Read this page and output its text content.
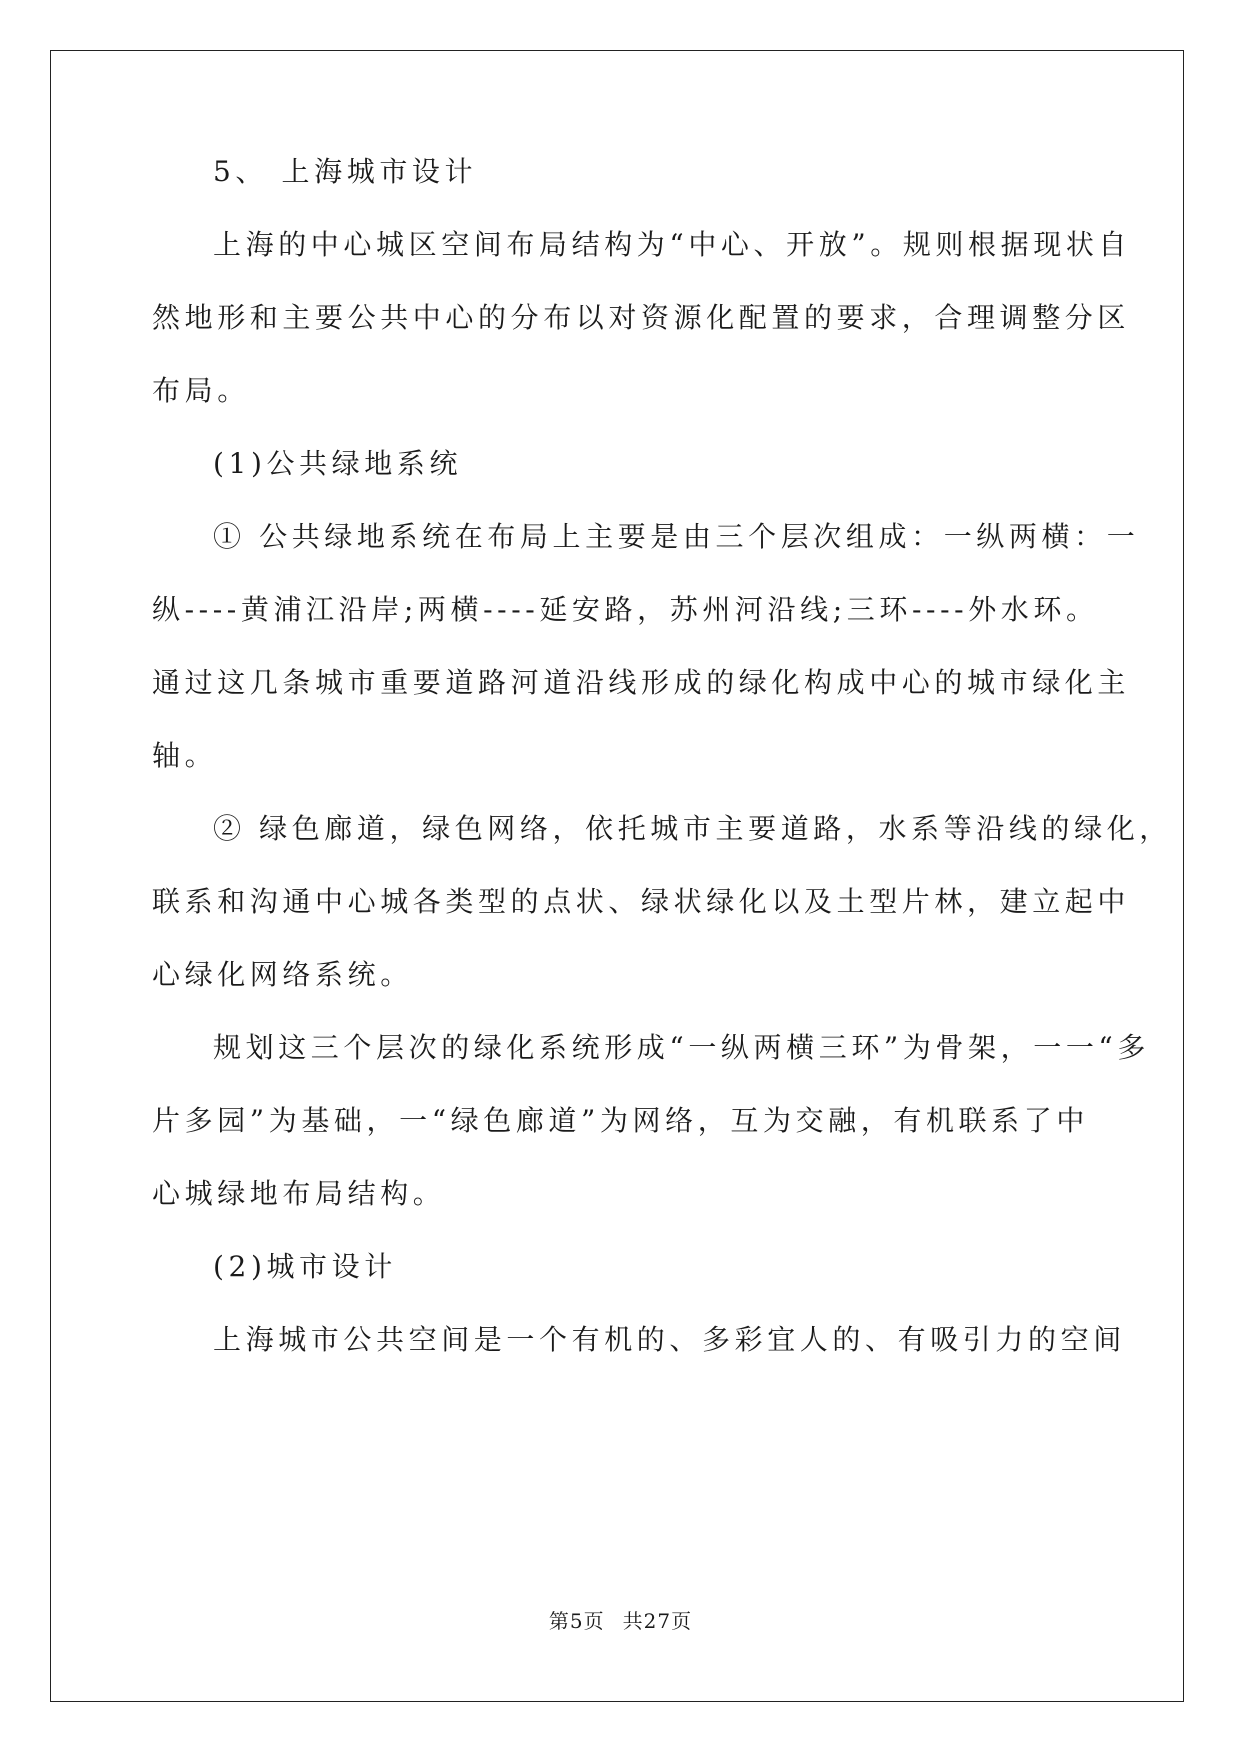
5、 上海城市设计
上海的中心城区空间布局结构为“中心、开放”。规则根据现状自
然地形和主要公共中心的分布以对资源化配置的要求，合理调整分区
布局。
(1)公共绿地系统
① 公共绿地系统在布局上主要是由三个层次组成：一纵两横：一
纵----黄浦江沿岸;两横----延安路，苏州河沿线;三环----外水环。
通过这几条城市重要道路河道沿线形成的绿化构成中心的城市绿化主
轴。
② 绿色廊道，绿色网络，依托城市主要道路，水系等沿线的绿化，
联系和沟通中心城各类型的点状、绿状绿化以及土型片林，建立起中
心绿化网络系统。
规划这三个层次的绿化系统形成“一纵两横三环”为骨架，一一“多
片多园”为基础，一“绿色廊道”为网络，互为交融，有机联系了中
心城绿地布局结构。
(2)城市设计
上海城市公共空间是一个有机的、多彩宜人的、有吸引力的空间
第5页 共27页
